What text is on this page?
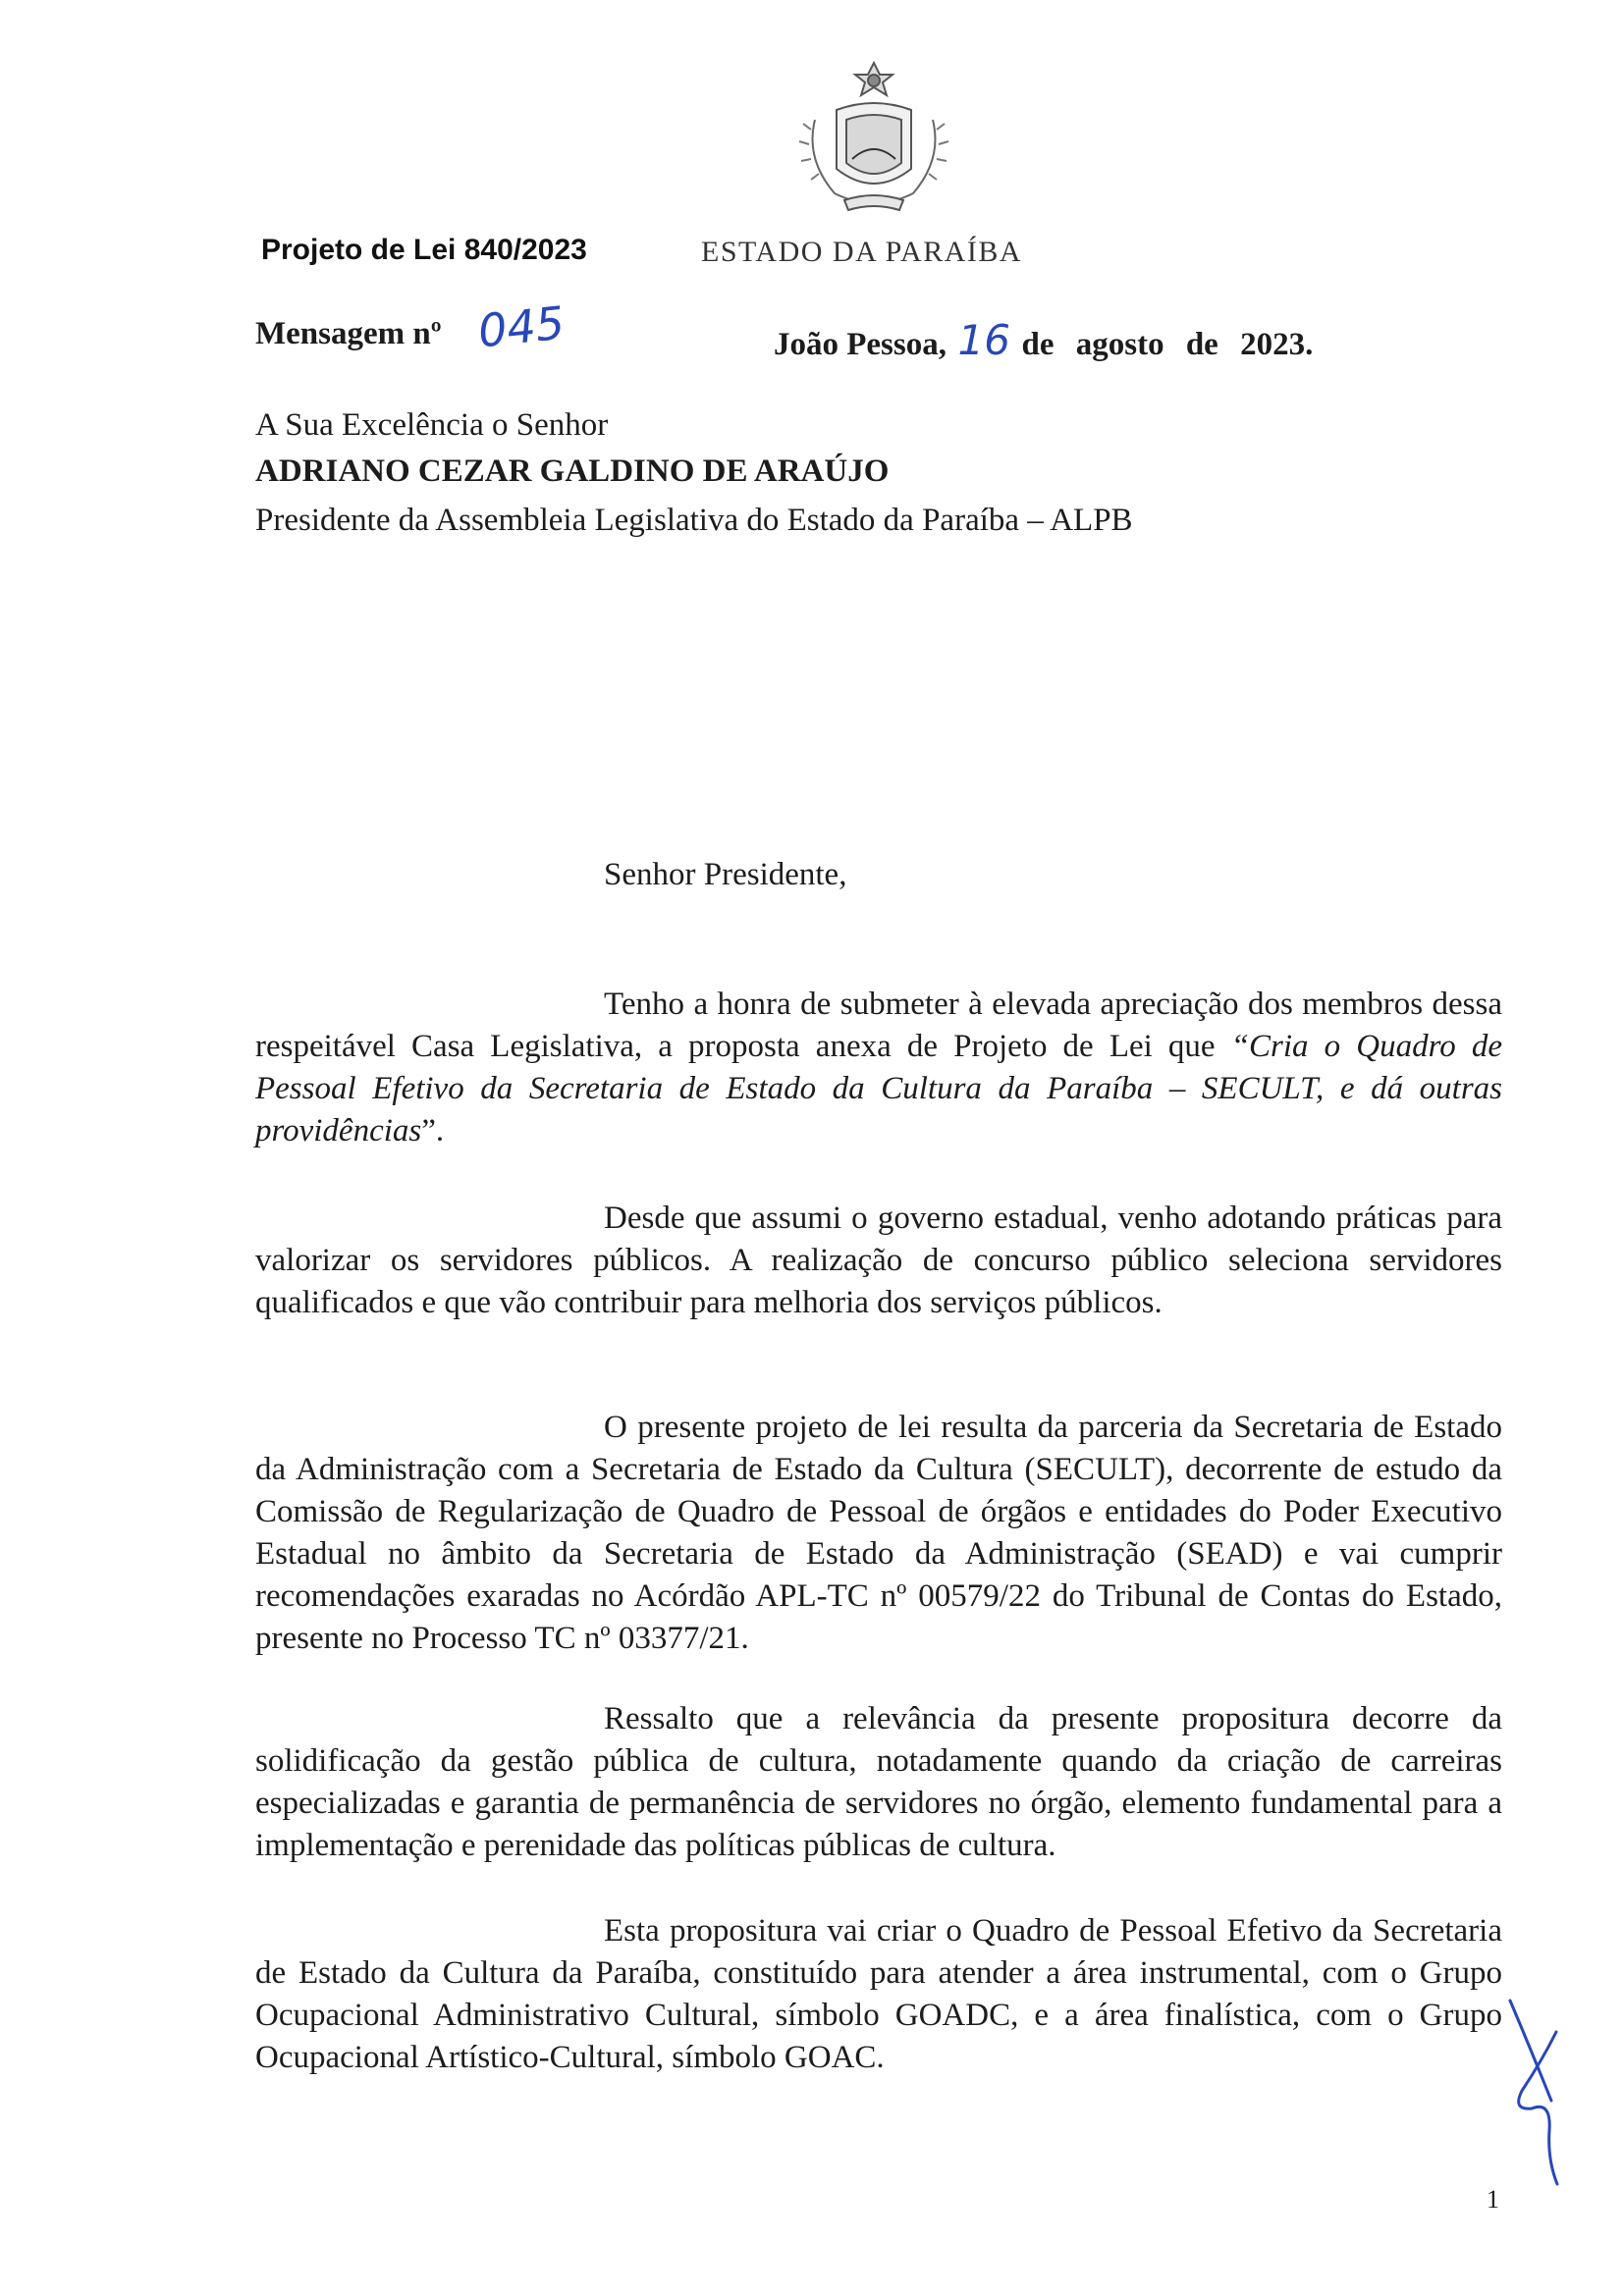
Projeto de Lei 840/2023	ESTADO DA PARAÍBA
Mensagem nº 045	João Pessoa, 16 de agosto de 2023.
A Sua Excelência o Senhor
ADRIANO CEZAR GALDINO DE ARAÚJO
Presidente da Assembleia Legislativa do Estado da Paraíba – ALPB
Senhor Presidente,

Tenho a honra de submeter à elevada apreciação dos membros dessa respeitável Casa Legislativa, a proposta anexa de Projeto de Lei que “Cria o Quadro de Pessoal Efetivo da Secretaria de Estado da Cultura da Paraíba – SECULT, e dá outras providências”.

Desde que assumi o governo estadual, venho adotando práticas para valorizar os servidores públicos. A realização de concurso público seleciona servidores qualificados e que vão contribuir para melhoria dos serviços públicos.

O presente projeto de lei resulta da parceria da Secretaria de Estado da Administração com a Secretaria de Estado da Cultura (SECULT), decorrente de estudo da Comissão de Regularização de Quadro de Pessoal de órgãos e entidades do Poder Executivo Estadual no âmbito da Secretaria de Estado da Administração (SEAD) e vai cumprir recomendações exaradas no Acórdão APL-TC nº 00579/22 do Tribunal de Contas do Estado, presente no Processo TC nº 03377/21.

Ressalto que a relevância da presente propositura decorre da solidificação da gestão pública de cultura, notadamente quando da criação de carreiras especializadas e garantia de permanência de servidores no órgão, elemento fundamental para a implementação e perenidade das políticas públicas de cultura.

Esta propositura vai criar o Quadro de Pessoal Efetivo da Secretaria de Estado da Cultura da Paraíba, constituído para atender a área instrumental, com o Grupo Ocupacional Administrativo Cultural, símbolo GOADC, e a área finalística, com o Grupo Ocupacional Artístico-Cultural, símbolo GOAC.

1
